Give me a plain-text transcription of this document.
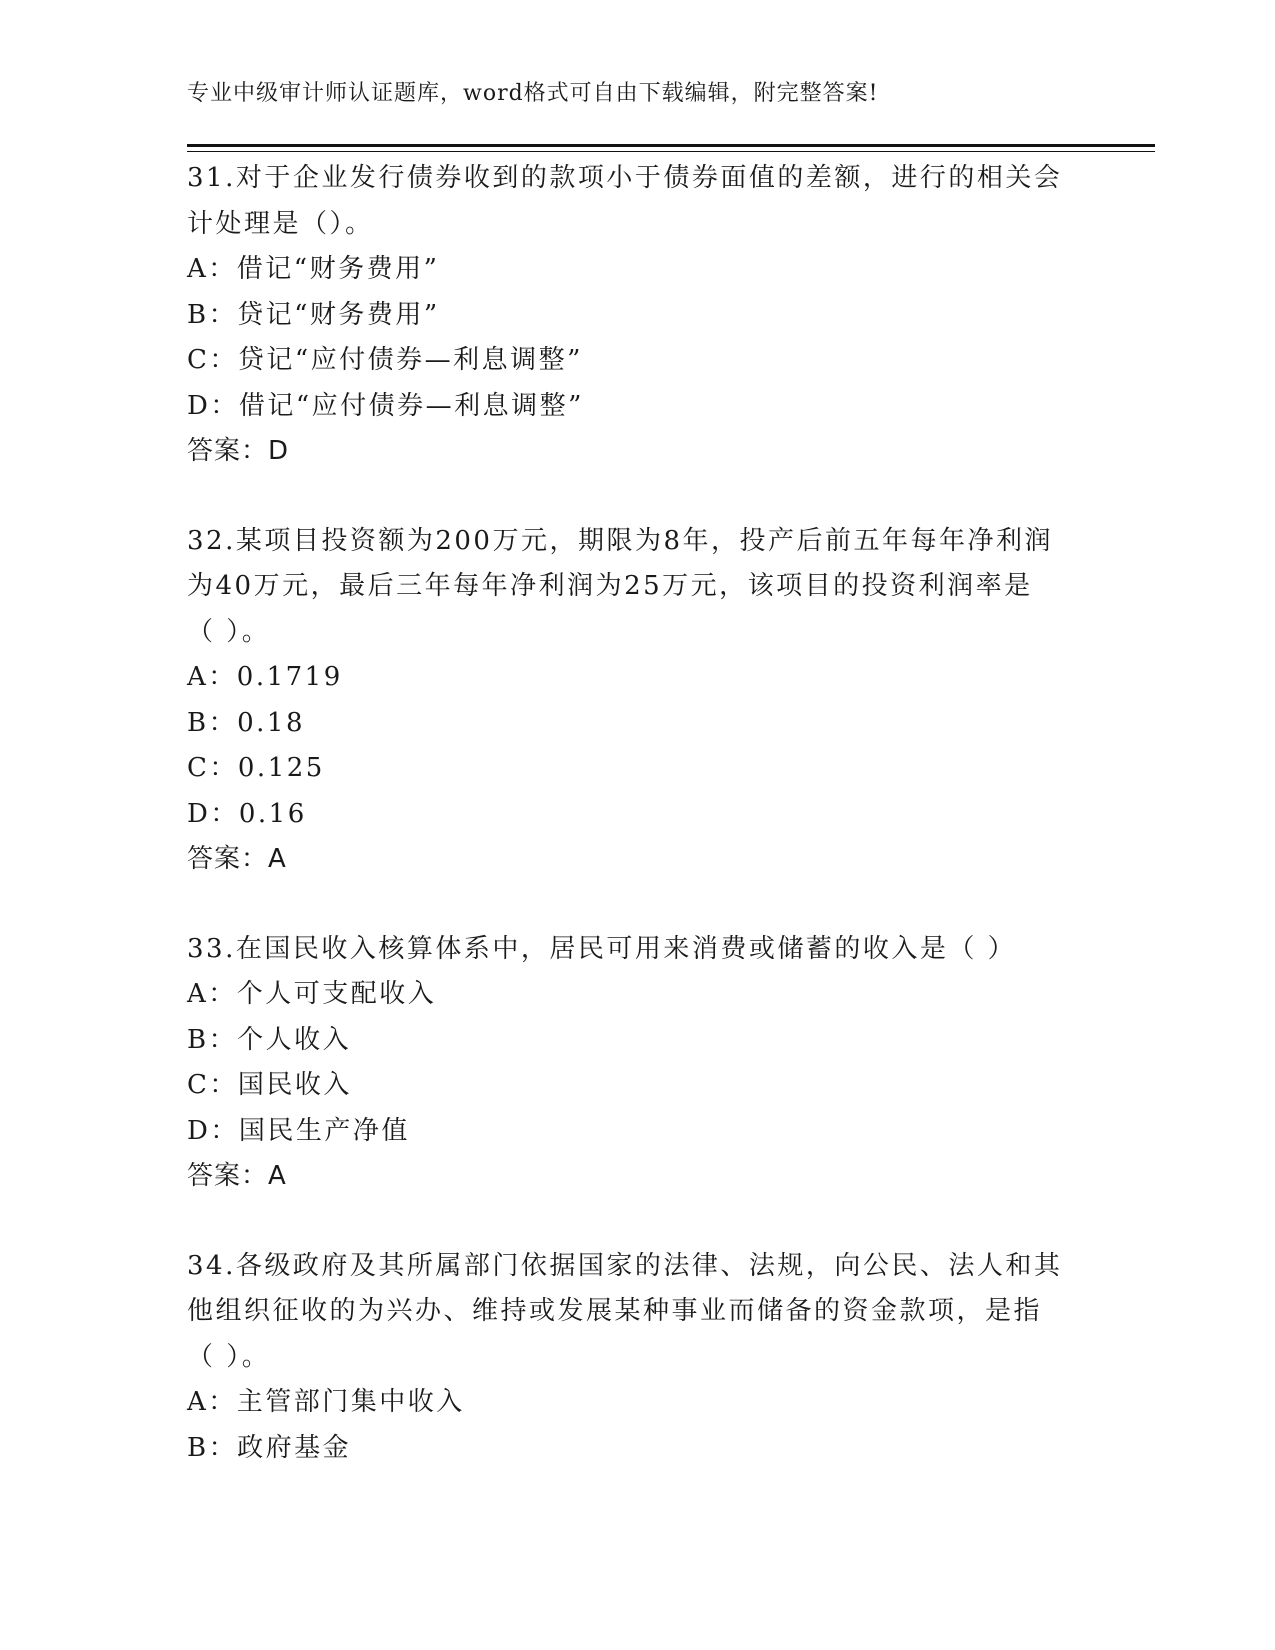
专业中级审计师认证题库，word格式可自由下载编辑，附完整答案!
31.对于企业发行债券收到的款项小于债券面值的差额，进行的相关会
计处理是（）。
A：借记“财务费用”
B：贷记“财务费用”
C：贷记“应付债券—利息调整”
D：借记“应付债券—利息调整”
答案：D
32.某项目投资额为200万元，期限为8年，投产后前五年每年净利润
为40万元，最后三年每年净利润为25万元，该项目的投资利润率是
（ ）。
A：0.1719
B：0.18
C：0.125
D：0.16
答案：A
33.在国民收入核算体系中，居民可用来消费或储蓄的收入是（ ）
A：个人可支配收入
B：个人收入
C：国民收入
D：国民生产净值
答案：A
34.各级政府及其所属部门依据国家的法律、法规，向公民、法人和其
他组织征收的为兴办、维持或发展某种事业而储备的资金款项，是指
（ ）。
A：主管部门集中收入
B：政府基金
